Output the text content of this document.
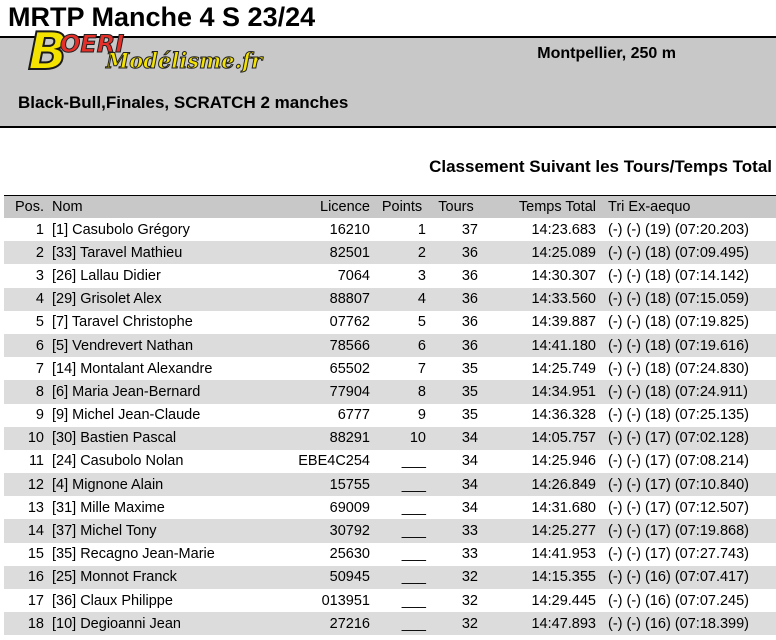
MRTP Manche 4 S 23/24
B
OERI
Modélisme.fr	Montpellier, 250 m
Black-Bull,Finales, SCRATCH 2 manches
Classement Suivant les Tours/Temps Total
Pos.	Nom	Licence	Points	Tours	Temps Total	Tri Ex-aequo
1	[1] Casubolo Grégory	16210	1	37	14:23.683	(-) (-) (19) (07:20.203)
2	[33] Taravel Mathieu	82501	2	36	14:25.089	(-) (-) (18) (07:09.495)
3	[26] Lallau Didier	7064	3	36	14:30.307	(-) (-) (18) (07:14.142)
4	[29] Grisolet Alex	88807	4	36	14:33.560	(-) (-) (18) (07:15.059)
5	[7] Taravel Christophe	07762	5	36	14:39.887	(-) (-) (18) (07:19.825)
6	[5] Vendrevert Nathan	78566	6	36	14:41.180	(-) (-) (18) (07:19.616)
7	[14] Montalant Alexandre	65502	7	35	14:25.749	(-) (-) (18) (07:24.830)
8	[6] Maria Jean-Bernard	77904	8	35	14:34.951	(-) (-) (18) (07:24.911)
9	[9] Michel Jean-Claude	6777	9	35	14:36.328	(-) (-) (18) (07:25.135)
10	[30] Bastien Pascal	88291	10	34	14:05.757	(-) (-) (17) (07:02.128)
11	[24] Casubolo Nolan	EBE4C254	___	34	14:25.946	(-) (-) (17) (07:08.214)
12	[4] Mignone Alain	15755	___	34	14:26.849	(-) (-) (17) (07:10.840)
13	[31] Mille Maxime	69009	___	34	14:31.680	(-) (-) (17) (07:12.507)
14	[37] Michel Tony	30792	___	33	14:25.277	(-) (-) (17) (07:19.868)
15	[35] Recagno Jean-Marie	25630	___	33	14:41.953	(-) (-) (17) (07:27.743)
16	[25] Monnot Franck	50945	___	32	14:15.355	(-) (-) (16) (07:07.417)
17	[36] Claux Philippe	013951	___	32	14:29.445	(-) (-) (16) (07:07.245)
18	[10] Degioanni Jean	27216	___	32	14:47.893	(-) (-) (16) (07:18.399)
